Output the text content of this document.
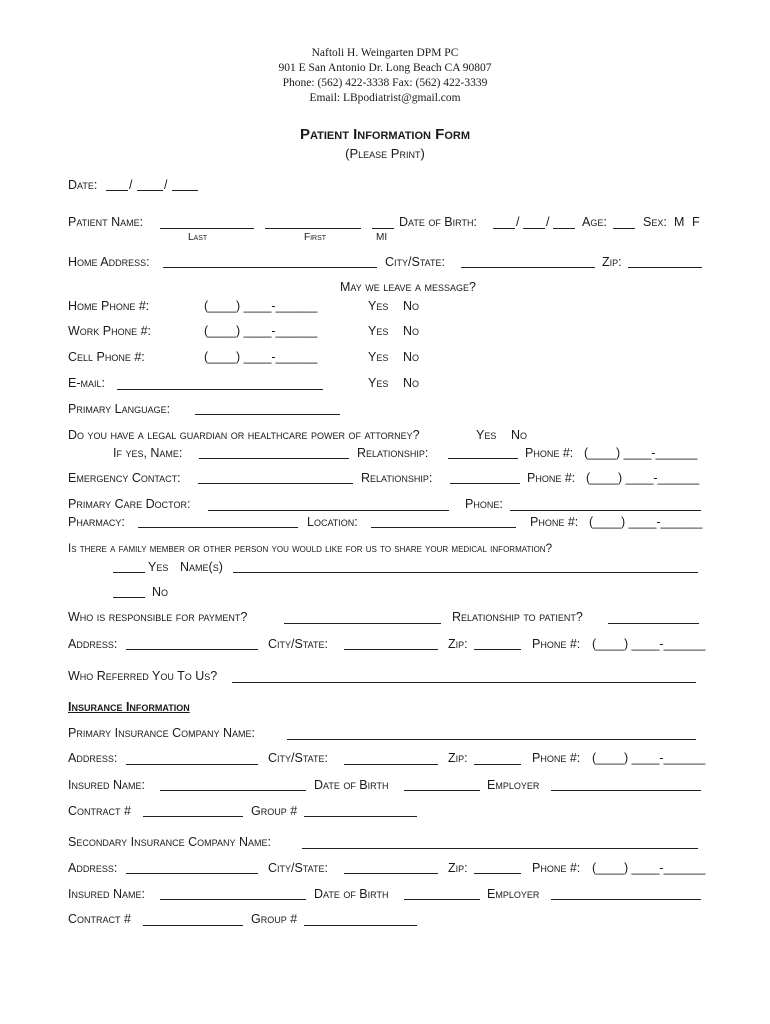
Naftoli H. Weingarten DPM PC
901 E San Antonio Dr. Long Beach CA 90807
Phone: (562) 422-3338 Fax: (562) 422-3339
Email: LBpodiatrist@gmail.com
Patient Information Form
(Please Print)
Date:	/	/
Patient Name:
Last	First	MI
Date of Birth:	/ /	Age:	Sex: M F
Home Address:	City/State:	Zip:
May we leave a message?
Home Phone #:	(____) ____-______	Yes No
Work Phone #:	(____) ____-______	Yes No
Cell Phone #:	(____) ____-______	Yes No
E-mail:	Yes No
Primary Language:
Do you have a legal guardian or healthcare power of attorney?	Yes No
If yes, Name:	Relationship:	Phone #: (____) ____-______
Emergency Contact:	Relationship:	Phone #: (____) ____-______
Primary Care Doctor:	Phone:
Pharmacy:	Location:	Phone #: (____) ____-______
Is there a family member or other person you would like for us to share your medical information?
Yes Name(s)
No
Who is responsible for payment?	Relationship to patient?
Address:	City/State:	Zip:	Phone #: (____) ____-______
Who Referred You To Us?
Insurance Information
Primary Insurance Company Name:
Address:	City/State:	Zip:	Phone #: (____) ____-______
Insured Name:	Date of Birth	Employer
Contract #	Group #
Secondary Insurance Company Name:
Address:	City/State:	Zip:	Phone #: (____) ____-______
Insured Name:	Date of Birth	Employer
Contract #	Group #
